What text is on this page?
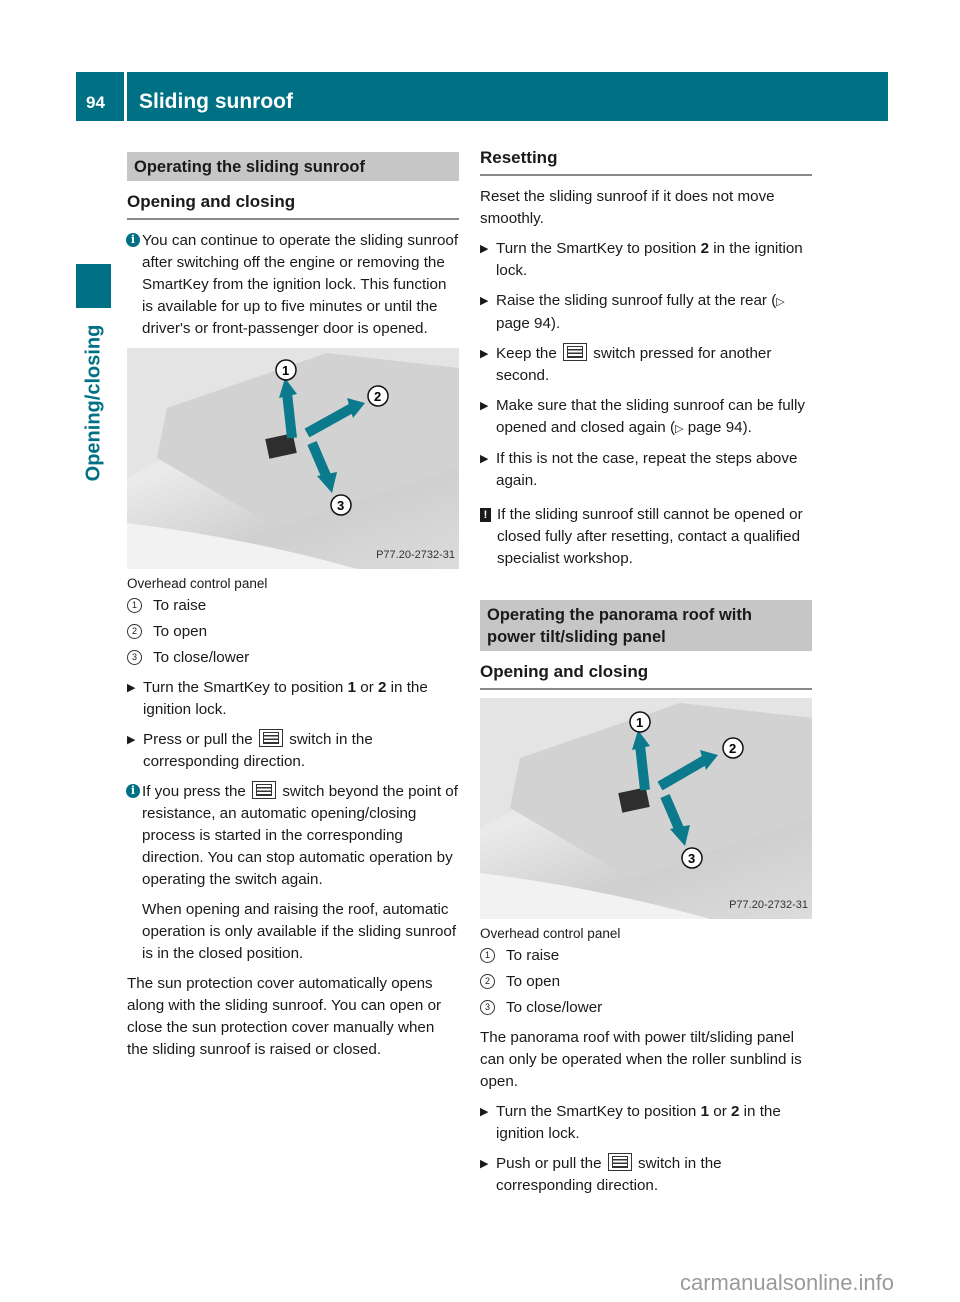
94 Sliding sunroof
Opening/closing
Operating the sliding sunroof
Opening and closing
i You can continue to operate the sliding sunroof after switching off the engine or removing the SmartKey from the ignition lock. This function is available for up to five minutes or until the driver's or front-passenger door is opened.
1
2
3
P77.20-2732-31
Overhead control panel
1	To raise
2	To open
3	To close/lower
▶ Turn the SmartKey to position 1 or 2 in the ignition lock.
▶ Press or pull the switch in the corresponding direction.
i If you press the switch beyond the point of resistance, an automatic opening/closing process is started in the corresponding direction. You can stop automatic operation by operating the switch again.
When opening and raising the roof, automatic operation is only available if the sliding sunroof is in the closed position.

The sun protection cover automatically opens along with the sliding sunroof. You can open or close the sun protection cover manually when the sliding sunroof is raised or closed.

Resetting

Reset the sliding sunroof if it does not move smoothly.

▶ Turn the SmartKey to position 2 in the ignition lock.
▶ Raise the sliding sunroof fully at the rear (▷ page 94).
▶ Keep the switch pressed for another second.
▶ Make sure that the sliding sunroof can be fully opened and closed again (▷ page 94).
▶ If this is not the case, repeat the steps above again.
! If the sliding sunroof still cannot be opened or closed fully after resetting, contact a qualified specialist workshop.
Operating the panorama roof with power tilt/sliding panel
Opening and closing
1
2
3
P77.20-2732-31
Overhead control panel
1	To raise
2	To open
3	To close/lower

The panorama roof with power tilt/sliding panel can only be operated when the roller sunblind is open.

▶ Turn the SmartKey to position 1 or 2 in the ignition lock.
▶ Push or pull the switch in the corresponding direction.
carmanualsonline.info
